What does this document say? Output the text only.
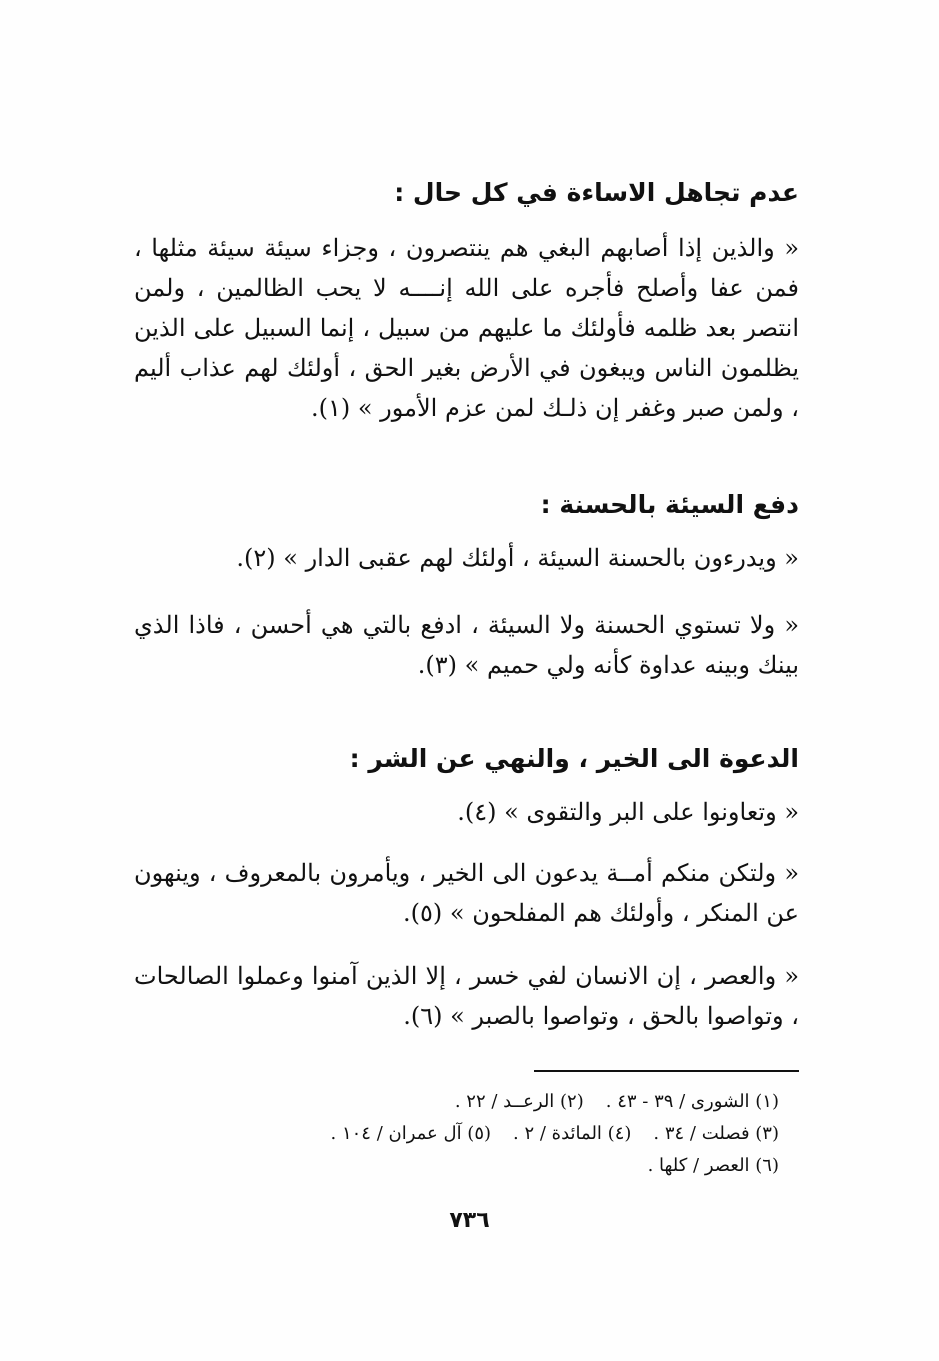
عدم تجاهل الاساءة في كل حال :
« والذين إذا أصابهم البغي هم ينتصرون ، وجزاء سيئة سيئة مثلها ، فمن عفا وأصلح فأجره على الله إنــــه لا يحب الظالمين ، ولمن انتصر بعد ظلمه فأولئك ما عليهم من سبيل ، إنما السبيل على الذين يظلمون الناس ويبغون في الأرض بغير الحق ، أولئك لهم عذاب أليم ، ولمن صبر وغفر إن ذلـك لمن عزم الأمور » (١).
دفع السيئة بالحسنة :
« ويدرءون بالحسنة السيئة ، أولئك لهم عقبى الدار » (٢).
« ولا تستوي الحسنة ولا السيئة ، ادفع بالتي هي أحسن ، فاذا الذي بينك وبينه عداوة كأنه ولي حميم » (٣).
الدعوة الى الخير ، والنهي عن الشر :
« وتعاونوا على البر والتقوى » (٤).
« ولتكن منكم أمــة يدعون الى الخير ، ويأمرون بالمعروف ، وينهون عن المنكر ، وأولئك هم المفلحون » (٥).
« والعصر ، إن الانسان لفي خسر ، إلا الذين آمنوا وعملوا الصالحات ، وتواصوا بالحق ، وتواصوا بالصبر » (٦).
(١) الشورى / ٣٩ - ٤٣ .(٢) الرعــد / ٢٢ .
(٣) فصلت / ٣٤ .(٤) المائدة / ٢ .(٥) آل عمران / ١٠٤ .
(٦) العصر / كلها .
٧٣٦
